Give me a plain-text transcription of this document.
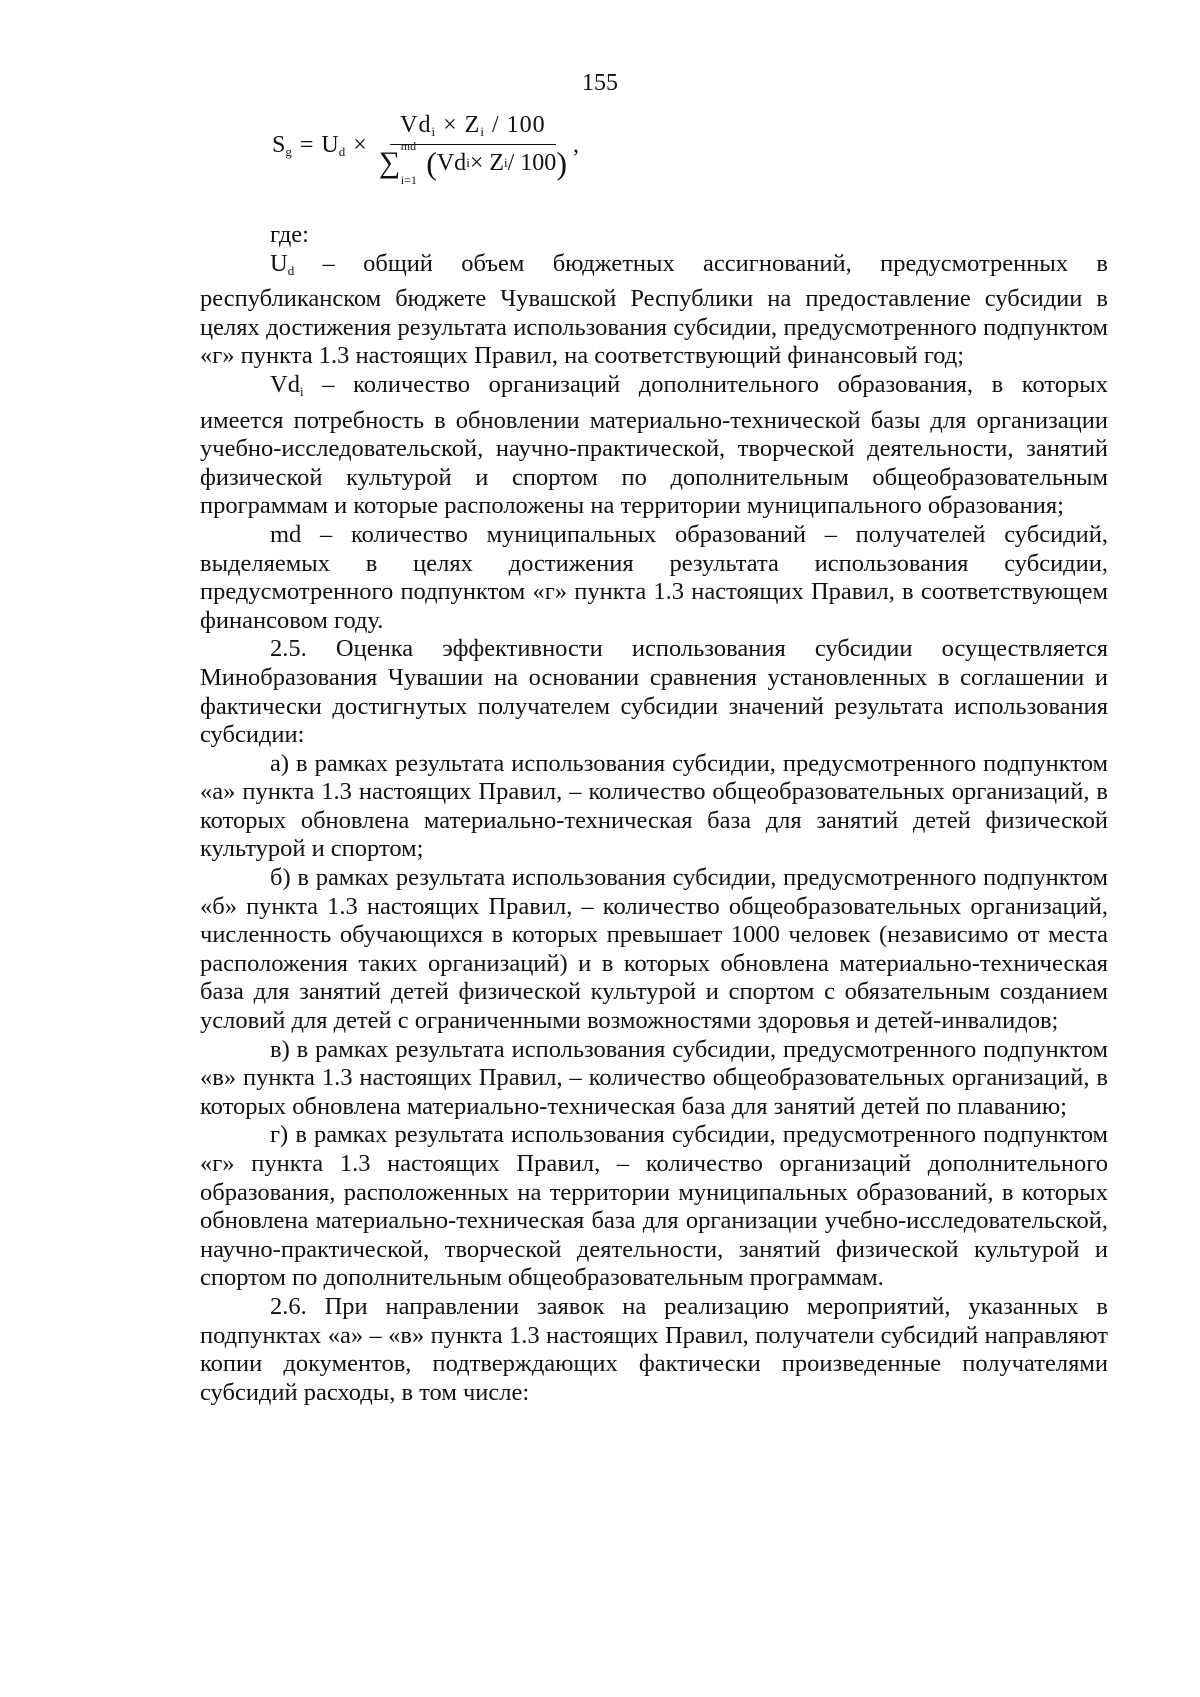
155
Sg = Ud × Vdi × Zi / 100
∑ md
i=1 ( Vd i × Z i / 100 ) ,

где:

$U_d$ – общий объем бюджетных ассигнований, предусмотренных в республиканском бюджете Чувашской Республики на предоставление субсидии в целях достижения результата использования субсидии, предусмотренного подпунктом «г» пункта 1.3 настоящих Правил, на соответствующий финансовый год;

$Vd_i$ – количество организаций дополнительного образования, в которых имеется потребность в обновлении материально-технической базы для организации учебно-исследовательской, научно-практической, творческой деятельности, занятий физической культурой и спортом по дополнительным общеобразовательным программам и которые расположены на территории муниципального образования;

md – количество муниципальных образований – получателей субсидий, выделяемых в целях достижения результата использования субсидии, предусмотренного подпунктом «г» пункта 1.3 настоящих Правил, в соответствующем финансовом году.

2.5. Оценка эффективности использования субсидии осуществляется Минобразования Чувашии на основании сравнения установленных в соглашении и фактически достигнутых получателем субсидии значений результата использования субсидии:

а) в рамках результата использования субсидии, предусмотренного подпунктом «а» пункта 1.3 настоящих Правил, – количество общеобразовательных организаций, в которых обновлена материально-техническая база для занятий детей физической культурой и спортом;

б) в рамках результата использования субсидии, предусмотренного подпунктом «б» пункта 1.3 настоящих Правил, – количество общеобразовательных организаций, численность обучающихся в которых превышает 1000 человек (независимо от места расположения таких организаций) и в которых обновлена материально-техническая база для занятий детей физической культурой и спортом с обязательным созданием условий для детей с ограниченными возможностями здоровья и детей-инвалидов;

в) в рамках результата использования субсидии, предусмотренного подпунктом «в» пункта 1.3 настоящих Правил, – количество общеобразовательных организаций, в которых обновлена материально-техническая база для занятий детей по плаванию;

г) в рамках результата использования субсидии, предусмотренного подпунктом «г» пункта 1.3 настоящих Правил, – количество организаций дополнительного образования, расположенных на территории муниципальных образований, в которых обновлена материально-техническая база для организации учебно-исследовательской, научно-практической, творческой деятельности, занятий физической культурой и спортом по дополнительным общеобразовательным программам.

2.6. При направлении заявок на реализацию мероприятий, указанных в подпунктах «а» – «в» пункта 1.3 настоящих Правил, получатели субсидий направляют копии документов, подтверждающих фактически произведенные получателями субсидий расходы, в том числе:
